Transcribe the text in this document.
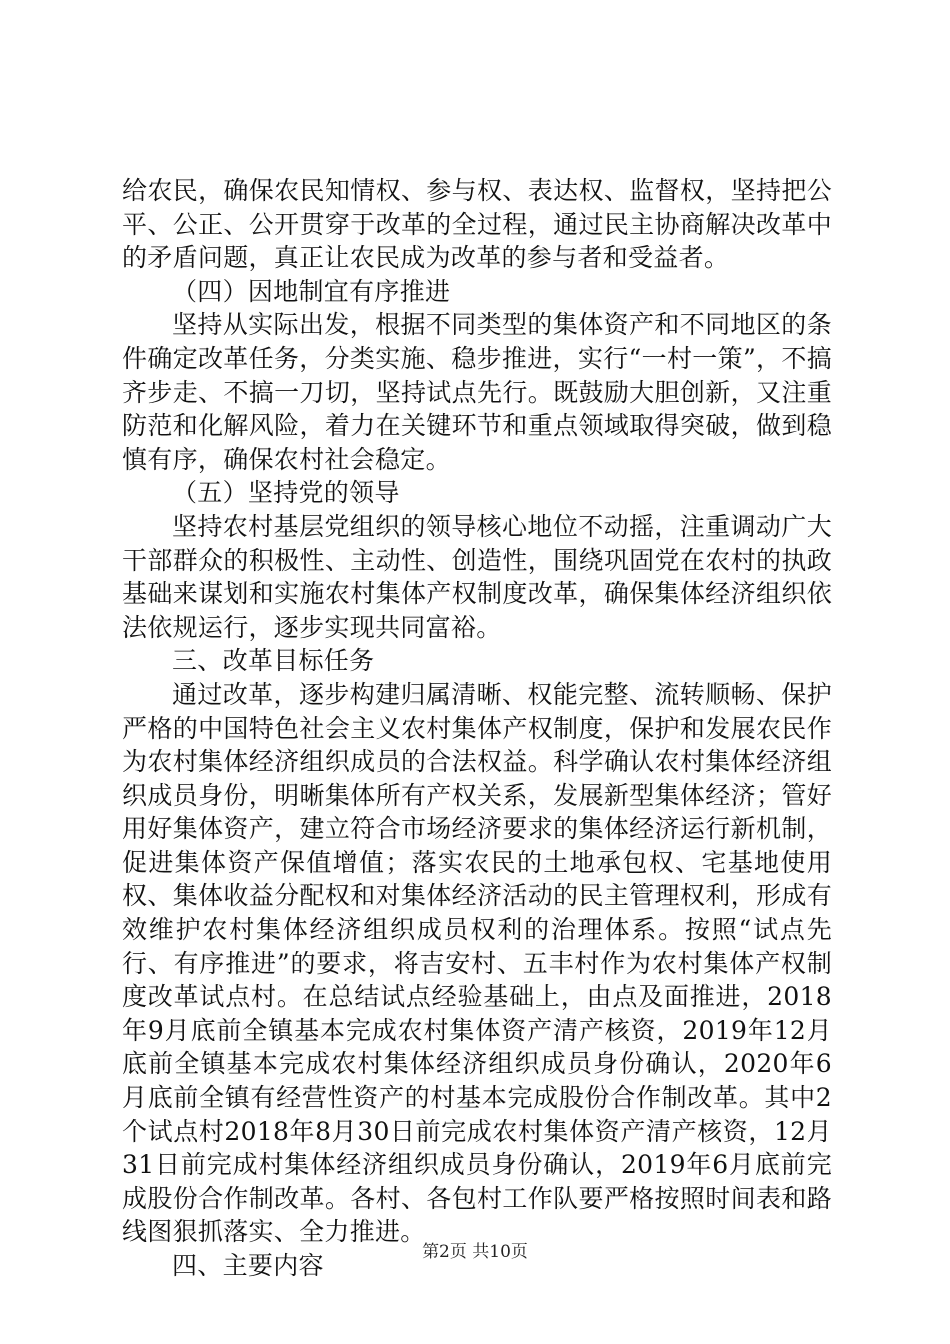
给农民，确保农民知情权、参与权、表达权、监督权，坚持把公平、公正、公开贯穿于改革的全过程，通过民主协商解决改革中的矛盾问题，真正让农民成为改革的参与者和受益者。

（四）因地制宜有序推进

坚持从实际出发，根据不同类型的集体资产和不同地区的条件确定改革任务，分类实施、稳步推进，实行“一村一策”，不搞齐步走、不搞一刀切，坚持试点先行。既鼓励大胆创新，又注重防范和化解风险，着力在关键环节和重点领域取得突破，做到稳慎有序，确保农村社会稳定。

（五）坚持党的领导

坚持农村基层党组织的领导核心地位不动摇，注重调动广大干部群众的积极性、主动性、创造性，围绕巩固党在农村的执政基础来谋划和实施农村集体产权制度改革，确保集体经济组织依法依规运行，逐步实现共同富裕。

三、改革目标任务

通过改革，逐步构建归属清晰、权能完整、流转顺畅、保护严格的中国特色社会主义农村集体产权制度，保护和发展农民作为农村集体经济组织成员的合法权益。科学确认农村集体经济组织成员身份，明晰集体所有产权关系，发展新型集体经济；管好用好集体资产，建立符合市场经济要求的集体经济运行新机制，促进集体资产保值增值；落实农民的土地承包权、宅基地使用权、集体收益分配权和对集体经济活动的民主管理权利，形成有效维护农村集体经济组织成员权利的治理体系。按照“试点先行、有序推进”的要求，将吉安村、五丰村作为农村集体产权制度改革试点村。在总结试点经验基础上，由点及面推进，2018年9月底前全镇基本完成农村集体资产清产核资，2019年12月底前全镇基本完成农村集体经济组织成员身份确认，2020年6月底前全镇有经营性资产的村基本完成股份合作制改革。其中2个试点村2018年8月30日前完成农村集体资产清产核资，12月31日前完成村集体经济组织成员身份确认，2019年6月底前完成股份合作制改革。各村、各包村工作队要严格按照时间表和路线图狠抓落实、全力推进。

四、主要内容	第2页 共10页
